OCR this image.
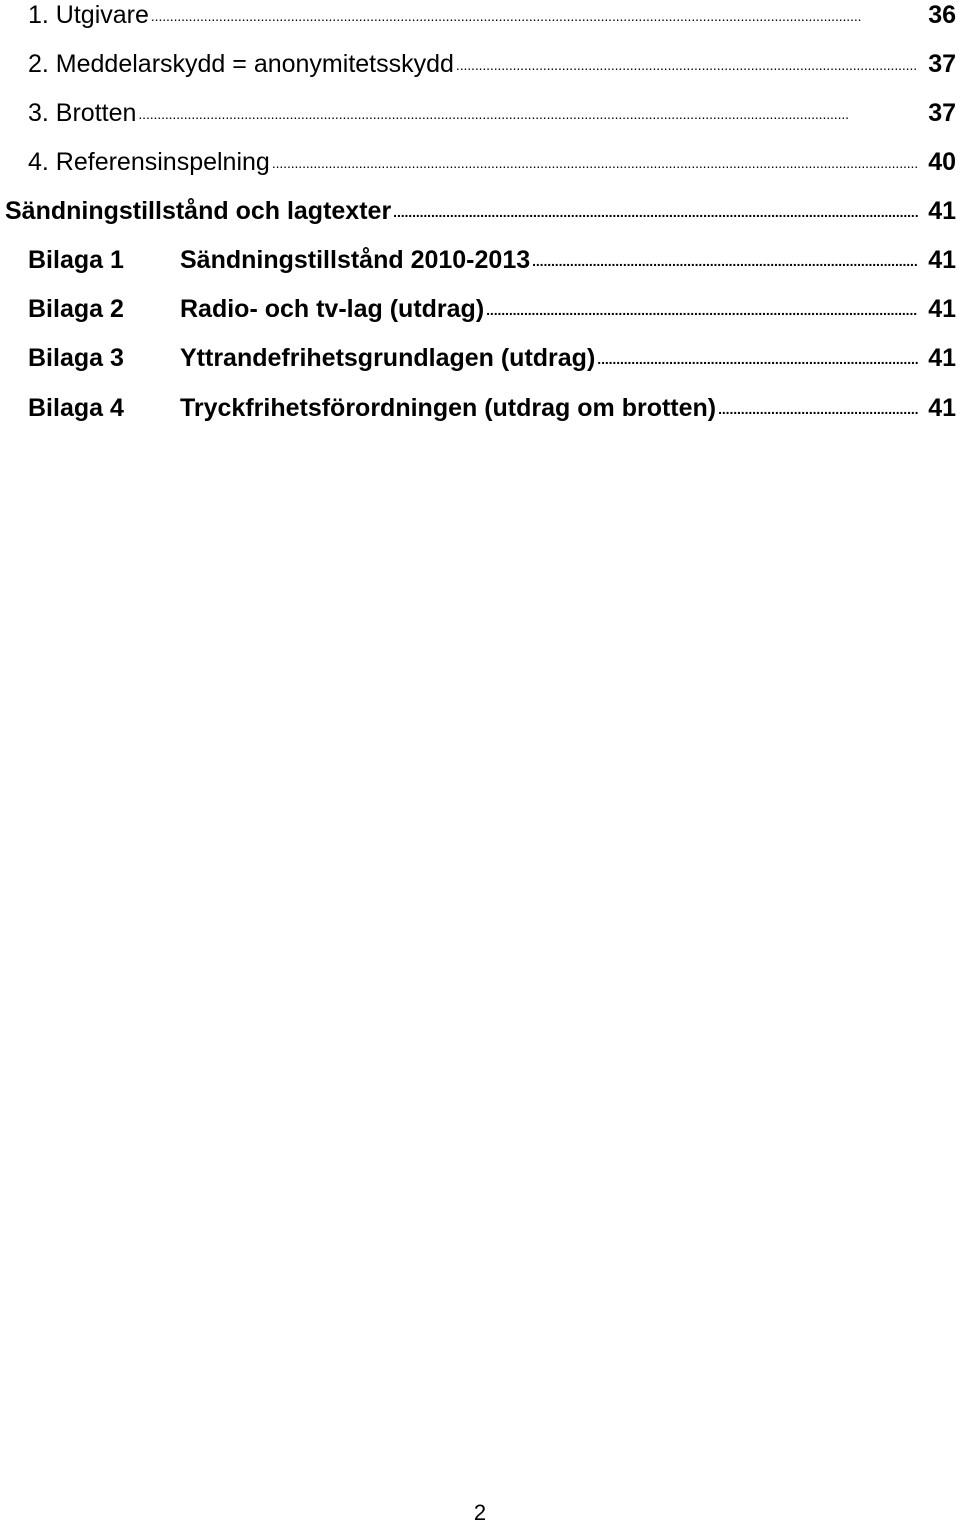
1. Utgivare . . .	36
2. Meddelarskydd = anonymitetsskydd . . .	37
3. Brotten . . .	37
4. Referensinspelning . . .	40
Sändningstillstånd och lagtexter . . .	41
Bilaga 1	Sändningstillstånd 2010-2013 . . .	41
Bilaga 2	Radio- och tv-lag (utdrag) . . .	41
Bilaga 3	Yttrandefrihetsgrundlagen (utdrag) . . .	41
Bilaga 4	Tryckfrihetsförordningen (utdrag om brotten) . . .	41
2
